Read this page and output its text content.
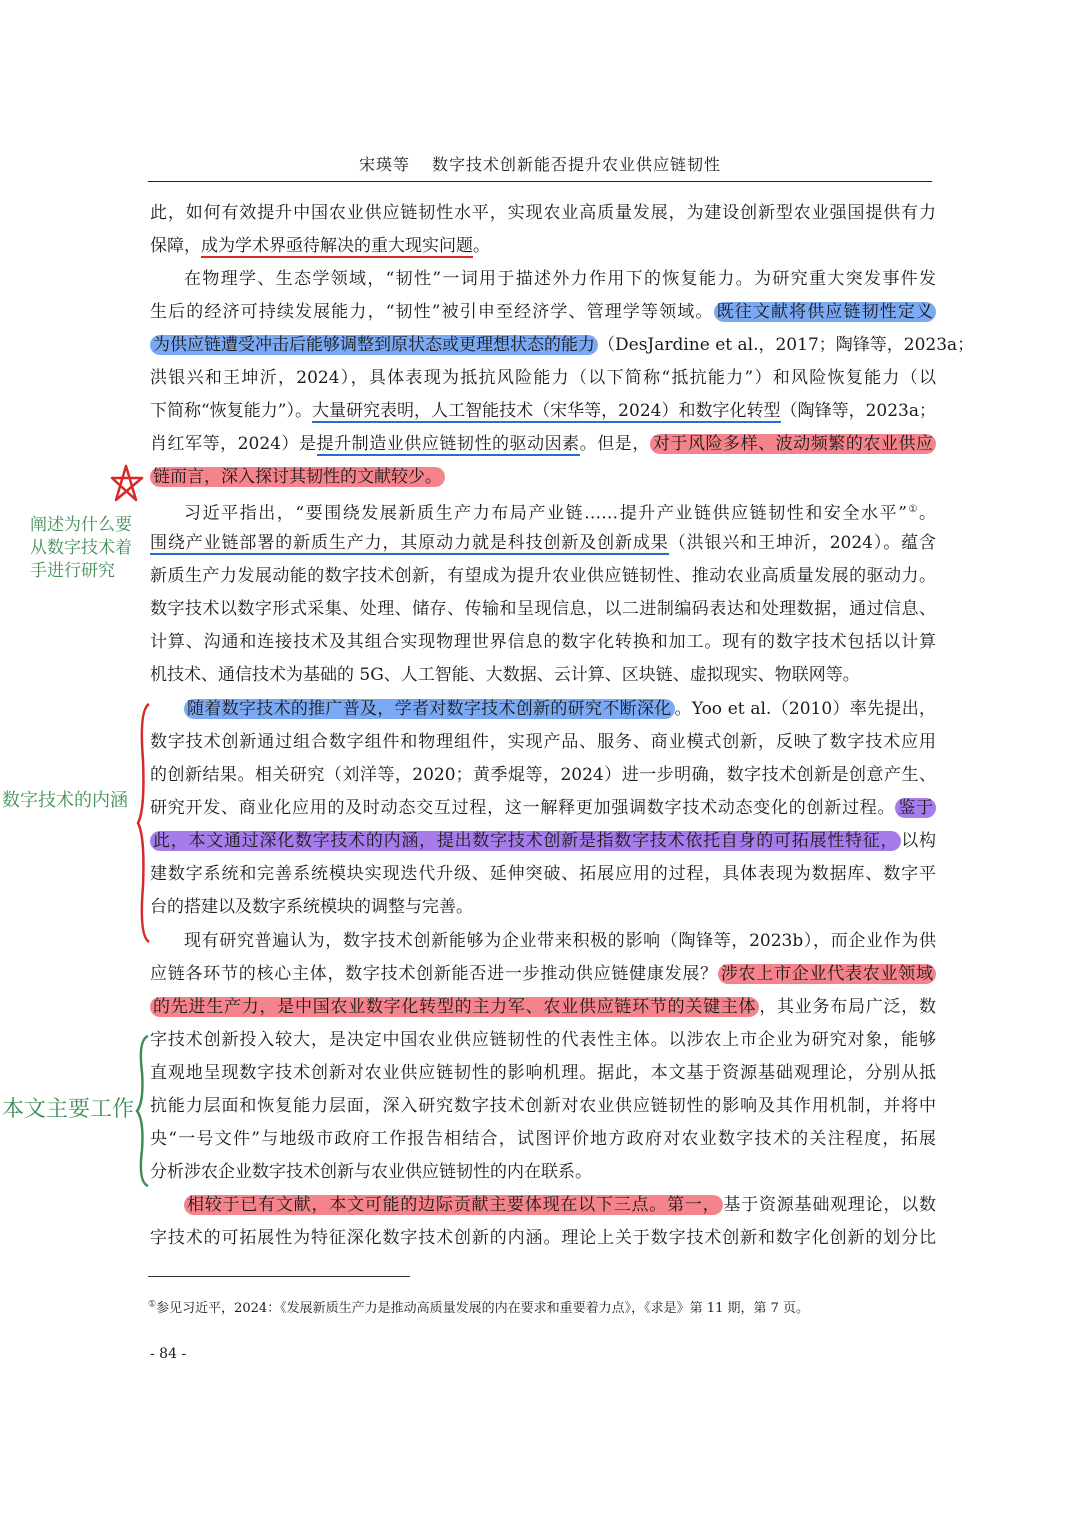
宋瑛等 数字技术创新能否提升农业供应链韧性
阐述为什么要
从数字技术着
手进行研究
数字技术的内涵
本文主要工作
此，如何有效提升中国农业供应链韧性水平，实现农业高质量发展，为建设创新型农业强国提供有力
保障，成为学术界亟待解决的重大现实问题。
在物理学、生态学领域，“韧性”一词用于描述外力作用下的恢复能力。为研究重大突发事件发
生后的经济可持续发展能力，“韧性”被引申至经济学、管理学等领域。 既往文献将供应链韧性定义
为供应链遭受冲击后能够调整到原状态或更理想状态的能力 （DesJardine et al.，2017；陶锋等，2023a；
洪银兴和王坤沂，2024），具体表现为抵抗风险能力（以下简称“抵抗能力”）和风险恢复能力（以
下简称“恢复能力”）。大量研究表明，人工智能技术（宋华等，2024）和数字化转型（陶锋等，2023a；
肖红军等，2024）是提升制造业供应链韧性的驱动因素。但是， 对于风险多样、波动频繁的农业供应
链而言，深入探讨其韧性的文献较少。
习近平指出，“要围绕发展新质生产力布局产业链……提升产业链供应链韧性和安全水平”①。
围绕产业链部署的新质生产力，其原动力就是科技创新及创新成果（洪银兴和王坤沂，2024）。蕴含
新质生产力发展动能的数字技术创新，有望成为提升农业供应链韧性、推动农业高质量发展的驱动力。
数字技术以数字形式采集、处理、储存、传输和呈现信息，以二进制编码表达和处理数据，通过信息、
计算、沟通和连接技术及其组合实现物理世界信息的数字化转换和加工。现有的数字技术包括以计算
机技术、通信技术为基础的 5G、人工智能、大数据、云计算、区块链、虚拟现实、物联网等。
随着数字技术的推广普及，学者对数字技术创新的研究不断深化 。Yoo et al.（2010）率先提出，
数字技术创新通过组合数字组件和物理组件，实现产品、服务、商业模式创新，反映了数字技术应用
的创新结果。相关研究（刘洋等，2020；黄季焜等，2024）进一步明确，数字技术创新是创意产生、
研究开发、商业化应用的及时动态交互过程，这一解释更加强调数字技术动态变化的创新过程。 鉴于
此，本文通过深化数字技术的内涵，提出数字技术创新是指数字技术依托自身的可拓展性特征， 以构
建数字系统和完善系统模块实现迭代升级、延伸突破、拓展应用的过程，具体表现为数据库、数字平
台的搭建以及数字系统模块的调整与完善。
现有研究普遍认为，数字技术创新能够为企业带来积极的影响（陶锋等，2023b），而企业作为供
应链各环节的核心主体，数字技术创新能否进一步推动供应链健康发展？ 涉农上市企业代表农业领域
的先进生产力，是中国农业数字化转型的主力军、农业供应链环节的关键主体 ，其业务布局广泛，数
字技术创新投入较大，是决定中国农业供应链韧性的代表性主体。以涉农上市企业为研究对象，能够
直观地呈现数字技术创新对农业供应链韧性的影响机理。据此，本文基于资源基础观理论，分别从抵
抗能力层面和恢复能力层面，深入研究数字技术创新对农业供应链韧性的影响及其作用机制，并将中
央“一号文件”与地级市政府工作报告相结合，试图评价地方政府对农业数字技术的关注程度，拓展
分析涉农企业数字技术创新与农业供应链韧性的内在联系。
相较于已有文献，本文可能的边际贡献主要体现在以下三点。第一， 基于资源基础观理论，以数
字技术的可拓展性为特征深化数字技术创新的内涵。理论上关于数字技术创新和数字化创新的划分比
①参见习近平，2024：《发展新质生产力是推动高质量发展的内在要求和重要着力点》，《求是》第 11 期，第 7 页。
- 84 -
